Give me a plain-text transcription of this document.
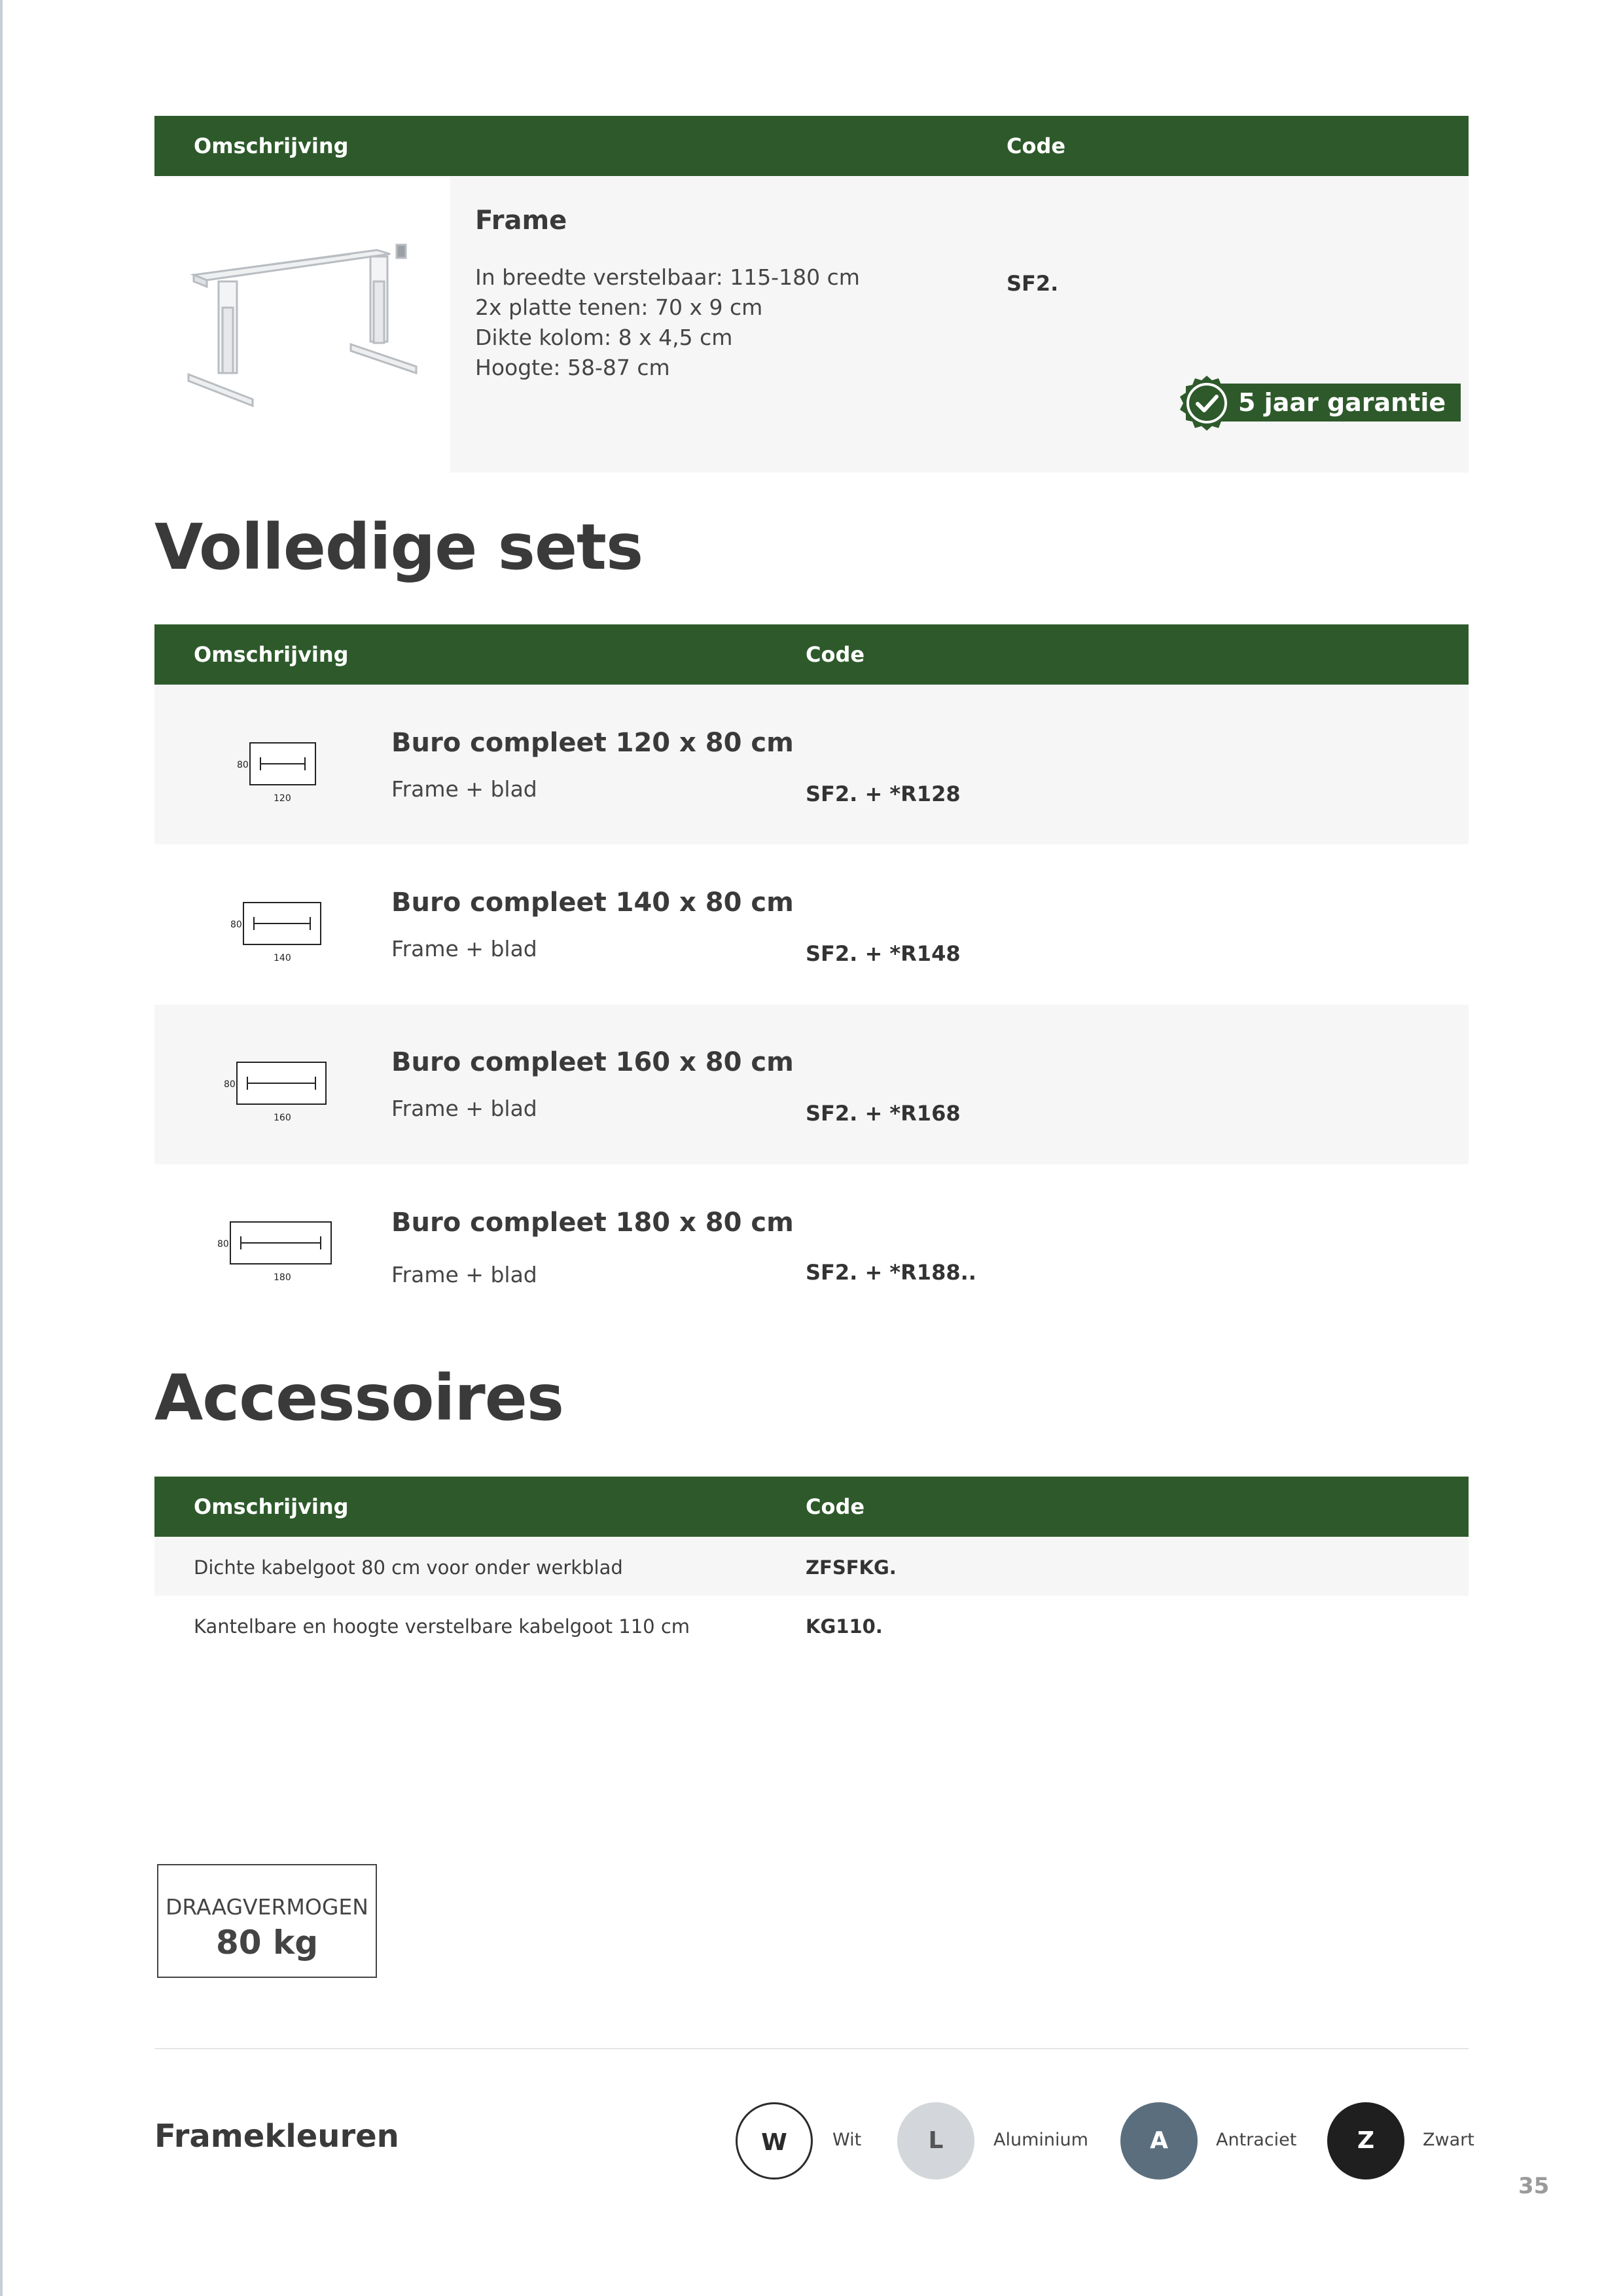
Omschrijving	Code
Frame
In breedte verstelbaar: 115-180 cm
2x platte tenen: 70 x 9 cm
Dikte kolom: 8 x 4,5 cm
Hoogte: 58-87 cm
SF2.
5 jaar garantie
Volledige sets
Omschrijving	Code
80
120
Buro compleet 120 x 80 cm
Frame + blad	SF2. + *R128
80
140
Buro compleet 140 x 80 cm
Frame + blad	SF2. + *R148
80
160
Buro compleet 160 x 80 cm
Frame + blad	SF2. + *R168
80
180
Buro compleet 180 x 80 cm
Frame + blad	SF2. + *R188..
Accessoires
Omschrijving	Code
Dichte kabelgoot 80 cm voor onder werkblad	ZFSFKG.
Kantelbare en hoogte verstelbare kabelgoot 110 cm	KG110.
DRAAGVERMOGEN
80 kg
Framekleuren	W	Wit	L	Aluminium	A	Antraciet	Z	Zwart
35
